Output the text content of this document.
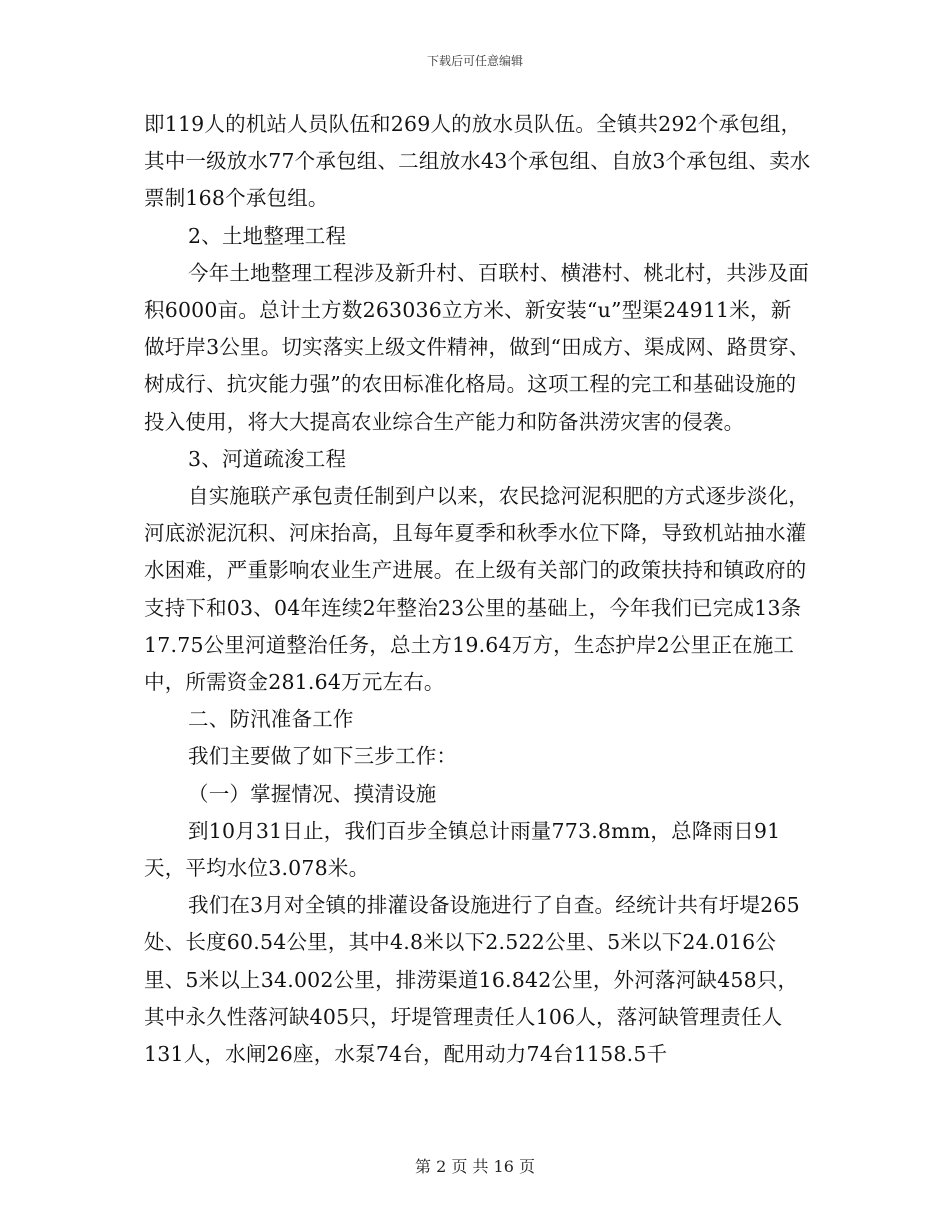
下载后可任意编辑

即119人的机站人员队伍和269人的放水员队伍。全镇共292个承包组，其中一级放水77个承包组、二组放水43个承包组、自放3个承包组、卖水票制168个承包组。

2、土地整理工程

今年土地整理工程涉及新升村、百联村、横港村、桃北村，共涉及面积6000亩。总计土方数263036立方米、新安装“u”型渠24911米，新做圩岸3公里。切实落实上级文件精神，做到“田成方、渠成网、路贯穿、树成行、抗灾能力强”的农田标准化格局。这项工程的完工和基础设施的投入使用，将大大提高农业综合生产能力和防备洪涝灾害的侵袭。

3、河道疏浚工程

自实施联产承包责任制到户以来，农民捻河泥积肥的方式逐步淡化，河底淤泥沉积、河床抬高，且每年夏季和秋季水位下降，导致机站抽水灌水困难，严重影响农业生产进展。在上级有关部门的政策扶持和镇政府的支持下和03、04年连续2年整治23公里的基础上，今年我们已完成13条17.75公里河道整治任务，总土方19.64万方，生态护岸2公里正在施工中，所需资金281.64万元左右。

二、防汛准备工作

我们主要做了如下三步工作：

（一）掌握情况、摸清设施

到10月31日止，我们百步全镇总计雨量773.8mm，总降雨日91天，平均水位3.078米。

我们在3月对全镇的排灌设备设施进行了自查。经统计共有圩堤265处、长度60.54公里，其中4.8米以下2.522公里、5米以下24.016公里、5米以上34.002公里，排涝渠道16.842公里，外河落河缺458只，其中永久性落河缺405只，圩堤管理责任人106人，落河缺管理责任人131人，水闸26座，水泵74台，配用动力74台1158.5千

第 2 页 共 16 页
